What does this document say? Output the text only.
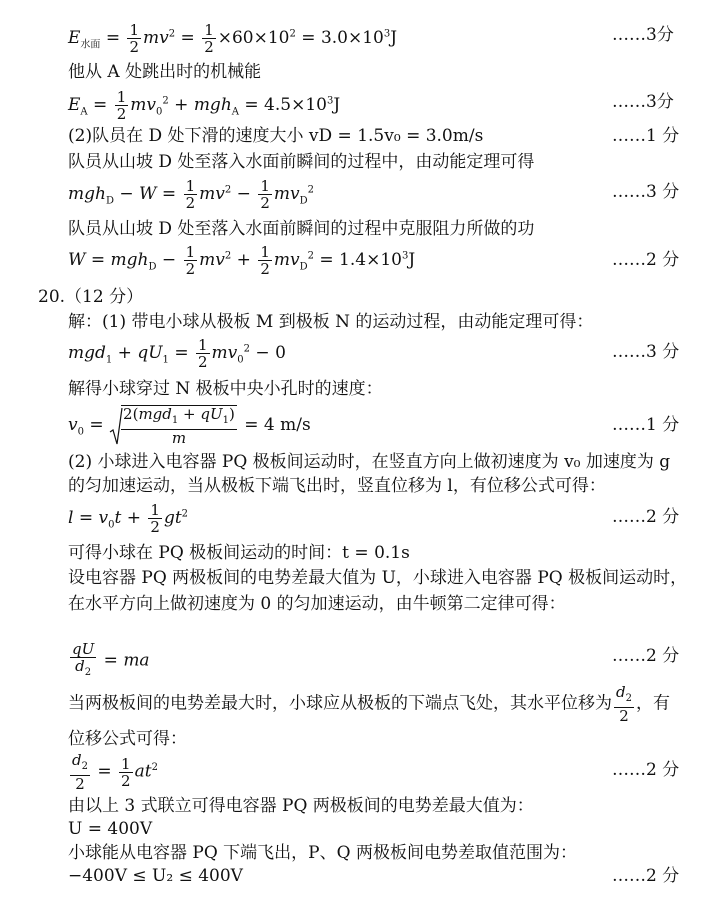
$E_{水面} = \frac{1}{2} mv^2 = \frac{1}{2} \times 60\times 10^2 = 3.0\times 10^3J$	……3分
他从 A 处跳出时的机械能
$E_A = \frac{1}{2} mv_0^2 + mgh_A = 4.5\times 10^3J$	……3分
(2)队员在 D 处下滑的速度大小 vD = 1.5v₀ = 3.0m/s	……1 分
队员从山坡 D 处至落入水面前瞬间的过程中，由动能定理可得
$mgh_D - W = \frac{1}{2} mv^2 - \frac{1}{2} mv_D^2$	……3 分
队员从山坡 D 处至落入水面前瞬间的过程中克服阻力所做的功
$W = mgh_D - \frac{1}{2} mv^2 + \frac{1}{2} mv_D^2 = 1.4\times 10^3J$	……2 分
20.（12 分）
解：(1) 带电小球从极板 M 到极板 N 的运动过程，由动能定理可得：
$mgd_1 + qU_1 = \frac{1}{2} mv_0^2 - 0$	……3 分
解得小球穿过 N 极板中央小孔时的速度：
$v_0 = \frac{2(mgd_1 + qU_1)}{m} = 4$ m/s	……1 分
(2) 小球进入电容器 PQ 极板间运动时，在竖直方向上做初速度为 v₀ 加速度为 g
的匀加速运动，当从极板下端飞出时，竖直位移为 l，有位移公式可得：
$l = v_0t + \frac{1}{2} gt^2$	……2 分
可得小球在 PQ 极板间运动的时间：t = 0.1s
设电容器 PQ 两极板间的电势差最大值为 U，小球进入电容器 PQ 极板间运动时，
在水平方向上做初速度为 0 的匀加速运动，由牛顿第二定律可得：
$\frac{qU}{d_2}$ = ma	……2 分
当两极板间的电势差最大时，小球应从极板的下端点飞处，其水平位移为 $\frac{d_2}{2}$ ，有
位移公式可得：
$\frac{d_2}{2} = \frac{1}{2} at^2$	……2 分
由以上 3 式联立可得电容器 PQ 两极板间的电势差最大值为：
U = 400V
小球能从电容器 PQ 下端飞出，P、Q 两极板间电势差取值范围为：
−400V ≤ U₂ ≤ 400V	……2 分
